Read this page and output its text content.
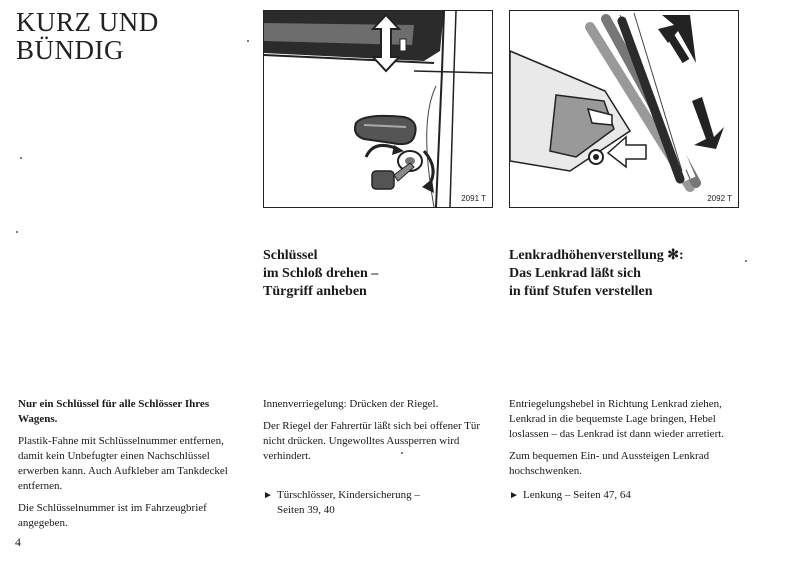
KURZ UND
BÜNDIG
2091 T	2092 T
Schlüssel
im Schloß drehen –
Türgriff anheben
Lenkradhöhenverstellung ✻:
Das Lenkrad läßt sich
in fünf Stufen verstellen

Nur ein Schlüssel für alle Schlösser Ihres Wagens.

Plastik-Fahne mit Schlüsselnummer entfernen, damit kein Unbefugter einen Nachschlüssel erwerben kann. Auch Aufkleber am Tankdeckel entfernen.

Die Schlüsselnummer ist im Fahrzeugbrief angegeben.

Innenverriegelung: Drücken der Riegel.

Der Riegel der Fahrertür läßt sich bei offener Tür nicht drücken. Ungewolltes Aussperren wird verhindert.

► Türschlösser, Kindersicherung –
Seiten 39, 40

Entriegelungshebel in Richtung Lenkrad ziehen, Lenkrad in die bequemste Lage bringen, Hebel loslassen – das Lenkrad ist dann wieder arretiert.

Zum bequemen Ein- und Aussteigen Lenkrad hochschwenken.

► Lenkung – Seiten 47, 64
4
